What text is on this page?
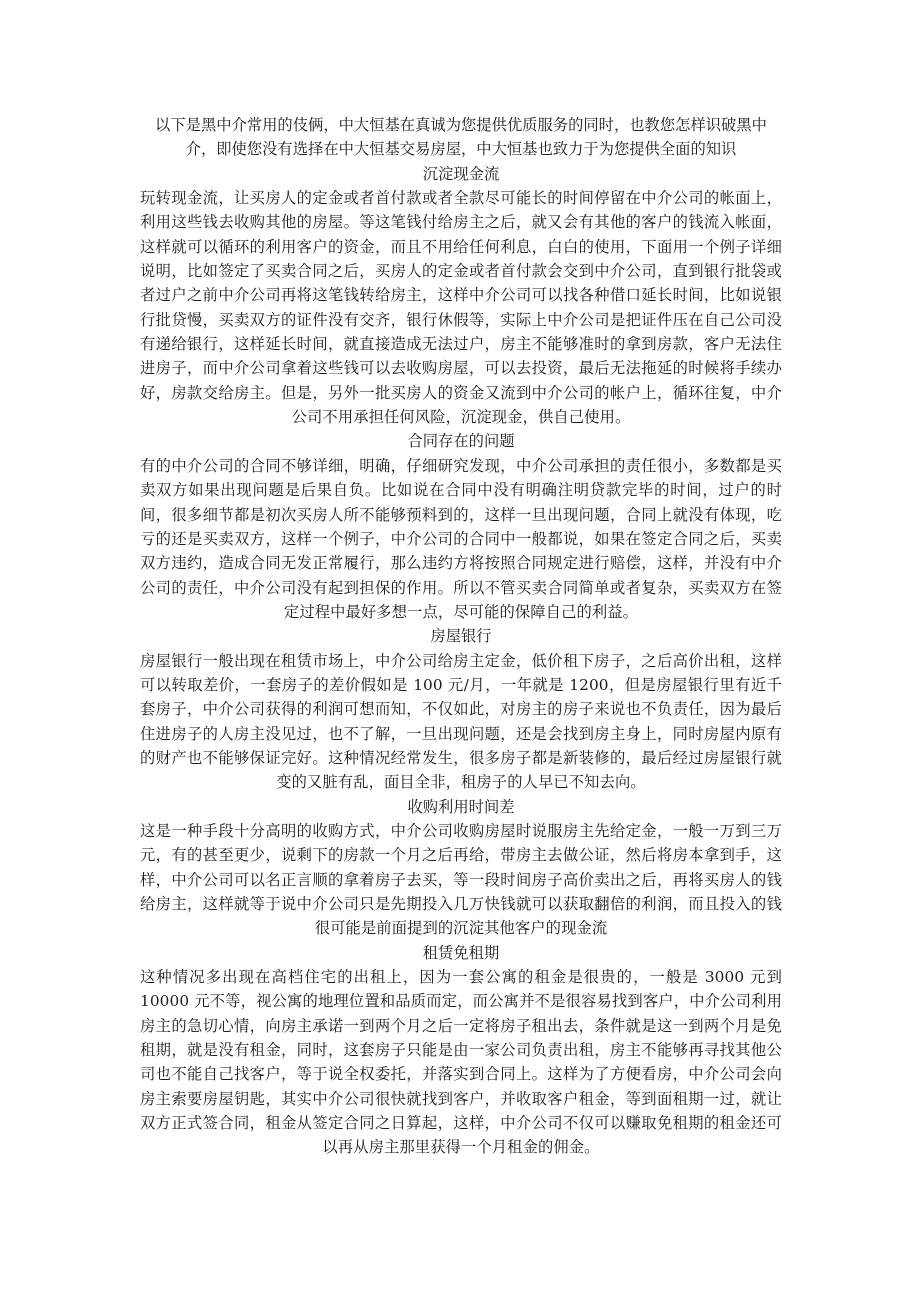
以下是黑中介常用的伎俩，中大恒基在真诚为您提供优质服务的同时，也教您怎样识破黑中介，即使您没有选择在中大恒基交易房屋，中大恒基也致力于为您提供全面的知识

沉淀现金流

玩转现金流，让买房人的定金或者首付款或者全款尽可能长的时间停留在中介公司的帐面上，利用这些钱去收购其他的房屋。等这笔钱付给房主之后，就又会有其他的客户的钱流入帐面，这样就可以循环的利用客户的资金，而且不用给任何利息，白白的使用，下面用一个例子详细说明，比如签定了买卖合同之后，买房人的定金或者首付款会交到中介公司，直到银行批袋或者过户之前中介公司再将这笔钱转给房主，这样中介公司可以找各种借口延长时间，比如说银行批贷慢，买卖双方的证件没有交齐，银行休假等，实际上中介公司是把证件压在自己公司没有递给银行，这样延长时间，就直接造成无法过户，房主不能够准时的拿到房款，客户无法住进房子，而中介公司拿着这些钱可以去收购房屋，可以去投资，最后无法拖延的时候将手续办好，房款交给房主。但是，另外一批买房人的资金又流到中介公司的帐户上，循环往复，中介公司不用承担任何风险，沉淀现金，供自己使用。

合同存在的问题

有的中介公司的合同不够详细，明确，仔细研究发现，中介公司承担的责任很小，多数都是买卖双方如果出现问题是后果自负。比如说在合同中没有明确注明贷款完毕的时间，过户的时间，很多细节都是初次买房人所不能够预料到的，这样一旦出现问题，合同上就没有体现，吃亏的还是买卖双方，这样一个例子，中介公司的合同中一般都说，如果在签定合同之后，买卖双方违约，造成合同无发正常履行，那么违约方将按照合同规定进行赔偿，这样，并没有中介公司的责任，中介公司没有起到担保的作用。所以不管买卖合同简单或者复杂，买卖双方在签定过程中最好多想一点，尽可能的保障自己的利益。

房屋银行

房屋银行一般出现在租赁市场上，中介公司给房主定金，低价租下房子，之后高价出租，这样可以转取差价，一套房子的差价假如是 100 元/月，一年就是 1200，但是房屋银行里有近千套房子，中介公司获得的利润可想而知，不仅如此，对房主的房子来说也不负责任，因为最后住进房子的人房主没见过，也不了解，一旦出现问题，还是会找到房主身上，同时房屋内原有的财产也不能够保证完好。这种情况经常发生，很多房子都是新装修的，最后经过房屋银行就变的又脏有乱，面目全非，租房子的人早已不知去向。

收购利用时间差

这是一种手段十分高明的收购方式，中介公司收购房屋时说服房主先给定金，一般一万到三万元，有的甚至更少，说剩下的房款一个月之后再给，带房主去做公证，然后将房本拿到手，这样，中介公司可以名正言顺的拿着房子去买，等一段时间房子高价卖出之后，再将买房人的钱给房主，这样就等于说中介公司只是先期投入几万快钱就可以获取翻倍的利润，而且投入的钱很可能是前面提到的沉淀其他客户的现金流

租赁免租期

这种情况多出现在高档住宅的出租上，因为一套公寓的租金是很贵的，一般是 3000 元到 10000 元不等，视公寓的地理位置和品质而定，而公寓并不是很容易找到客户，中介公司利用房主的急切心情，向房主承诺一到两个月之后一定将房子租出去，条件就是这一到两个月是免租期，就是没有租金，同时，这套房子只能是由一家公司负责出租，房主不能够再寻找其他公司也不能自己找客户，等于说全权委托，并落实到合同上。这样为了方便看房，中介公司会向房主索要房屋钥匙，其实中介公司很快就找到客户，并收取客户租金，等到面租期一过，就让双方正式签合同，租金从签定合同之日算起，这样，中介公司不仅可以赚取免租期的租金还可以再从房主那里获得一个月租金的佣金。
